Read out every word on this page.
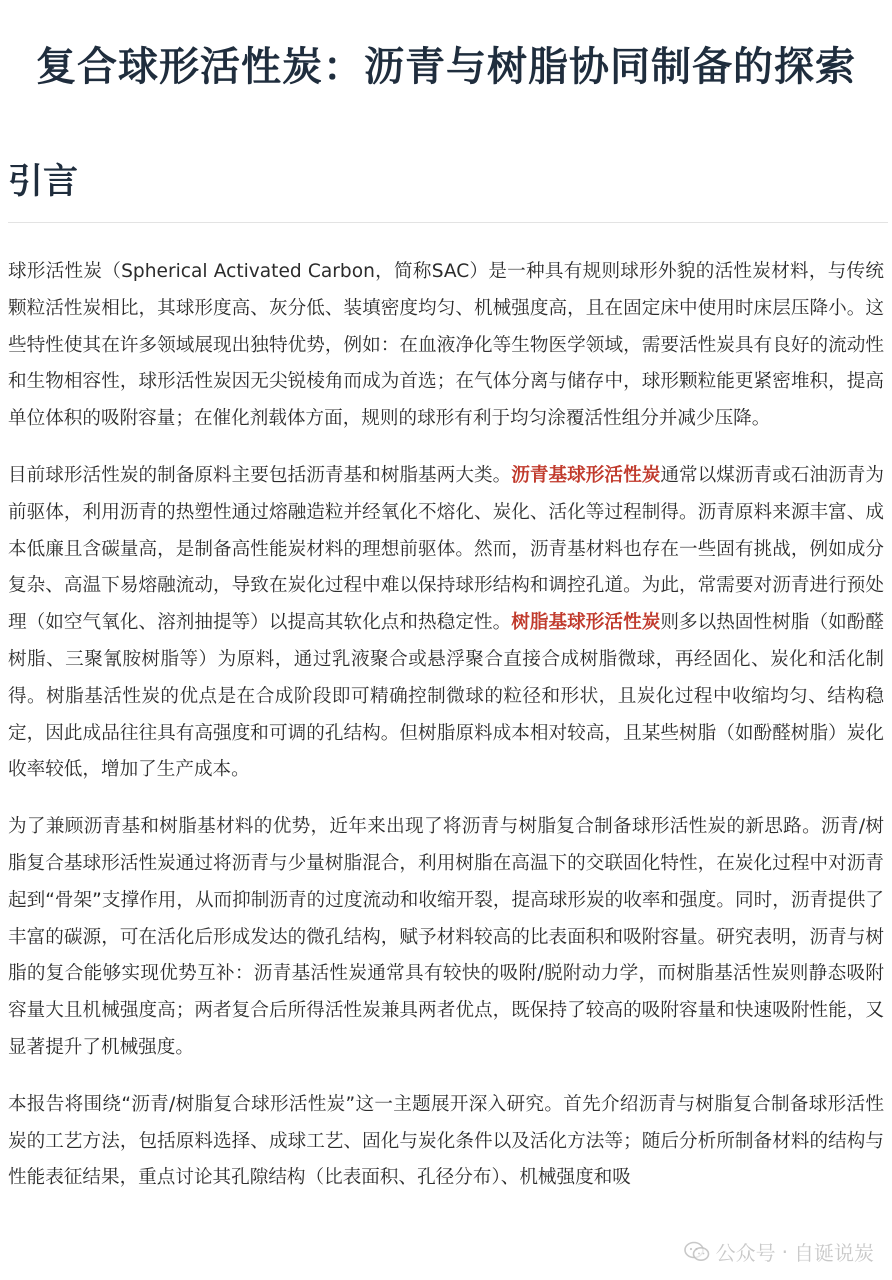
复合球形活性炭：沥青与树脂协同制备的探索
引言

球形活性炭（Spherical Activated Carbon，简称SAC）是一种具有规则球形外貌的活性炭材料，与传统颗粒活性炭相比，其球形度高、灰分低、装填密度均匀、机械强度高，且在固定床中使用时床层压降小。这些特性使其在许多领域展现出独特优势，例如：在血液净化等生物医学领域，需要活性炭具有良好的流动性和生物相容性，球形活性炭因无尖锐棱角而成为首选；在气体分离与储存中，球形颗粒能更紧密堆积，提高单位体积的吸附容量；在催化剂载体方面，规则的球形有利于均匀涂覆活性组分并减少压降。

目前球形活性炭的制备原料主要包括沥青基和树脂基两大类。沥青基球形活性炭通常以煤沥青或石油沥青为前驱体，利用沥青的热塑性通过熔融造粒并经氧化不熔化、炭化、活化等过程制得。沥青原料来源丰富、成本低廉且含碳量高，是制备高性能炭材料的理想前驱体。然而，沥青基材料也存在一些固有挑战，例如成分复杂、高温下易熔融流动，导致在炭化过程中难以保持球形结构和调控孔道。为此，常需要对沥青进行预处理（如空气氧化、溶剂抽提等）以提高其软化点和热稳定性。树脂基球形活性炭则多以热固性树脂（如酚醛树脂、三聚氰胺树脂等）为原料，通过乳液聚合或悬浮聚合直接合成树脂微球，再经固化、炭化和活化制得。树脂基活性炭的优点是在合成阶段即可精确控制微球的粒径和形状，且炭化过程中收缩均匀、结构稳定，因此成品往往具有高强度和可调的孔结构。但树脂原料成本相对较高，且某些树脂（如酚醛树脂）炭化收率较低，增加了生产成本。

为了兼顾沥青基和树脂基材料的优势，近年来出现了将沥青与树脂复合制备球形活性炭的新思路。沥青/树脂复合基球形活性炭通过将沥青与少量树脂混合，利用树脂在高温下的交联固化特性，在炭化过程中对沥青起到“骨架”支撑作用，从而抑制沥青的过度流动和收缩开裂，提高球形炭的收率和强度。同时，沥青提供了丰富的碳源，可在活化后形成发达的微孔结构，赋予材料较高的比表面积和吸附容量。研究表明，沥青与树脂的复合能够实现优势互补：沥青基活性炭通常具有较快的吸附/脱附动力学，而树脂基活性炭则静态吸附容量大且机械强度高；两者复合后所得活性炭兼具两者优点，既保持了较高的吸附容量和快速吸附性能，又显著提升了机械强度。

本报告将围绕“沥青/树脂复合球形活性炭”这一主题展开深入研究。首先介绍沥青与树脂复合制备球形活性炭的工艺方法，包括原料选择、成球工艺、固化与炭化条件以及活化方法等；随后分析所制备材料的结构与性能表征结果，重点讨论其孔隙结构（比表面积、孔径分布）、机械强度和吸

公众号 · 自诞说炭
